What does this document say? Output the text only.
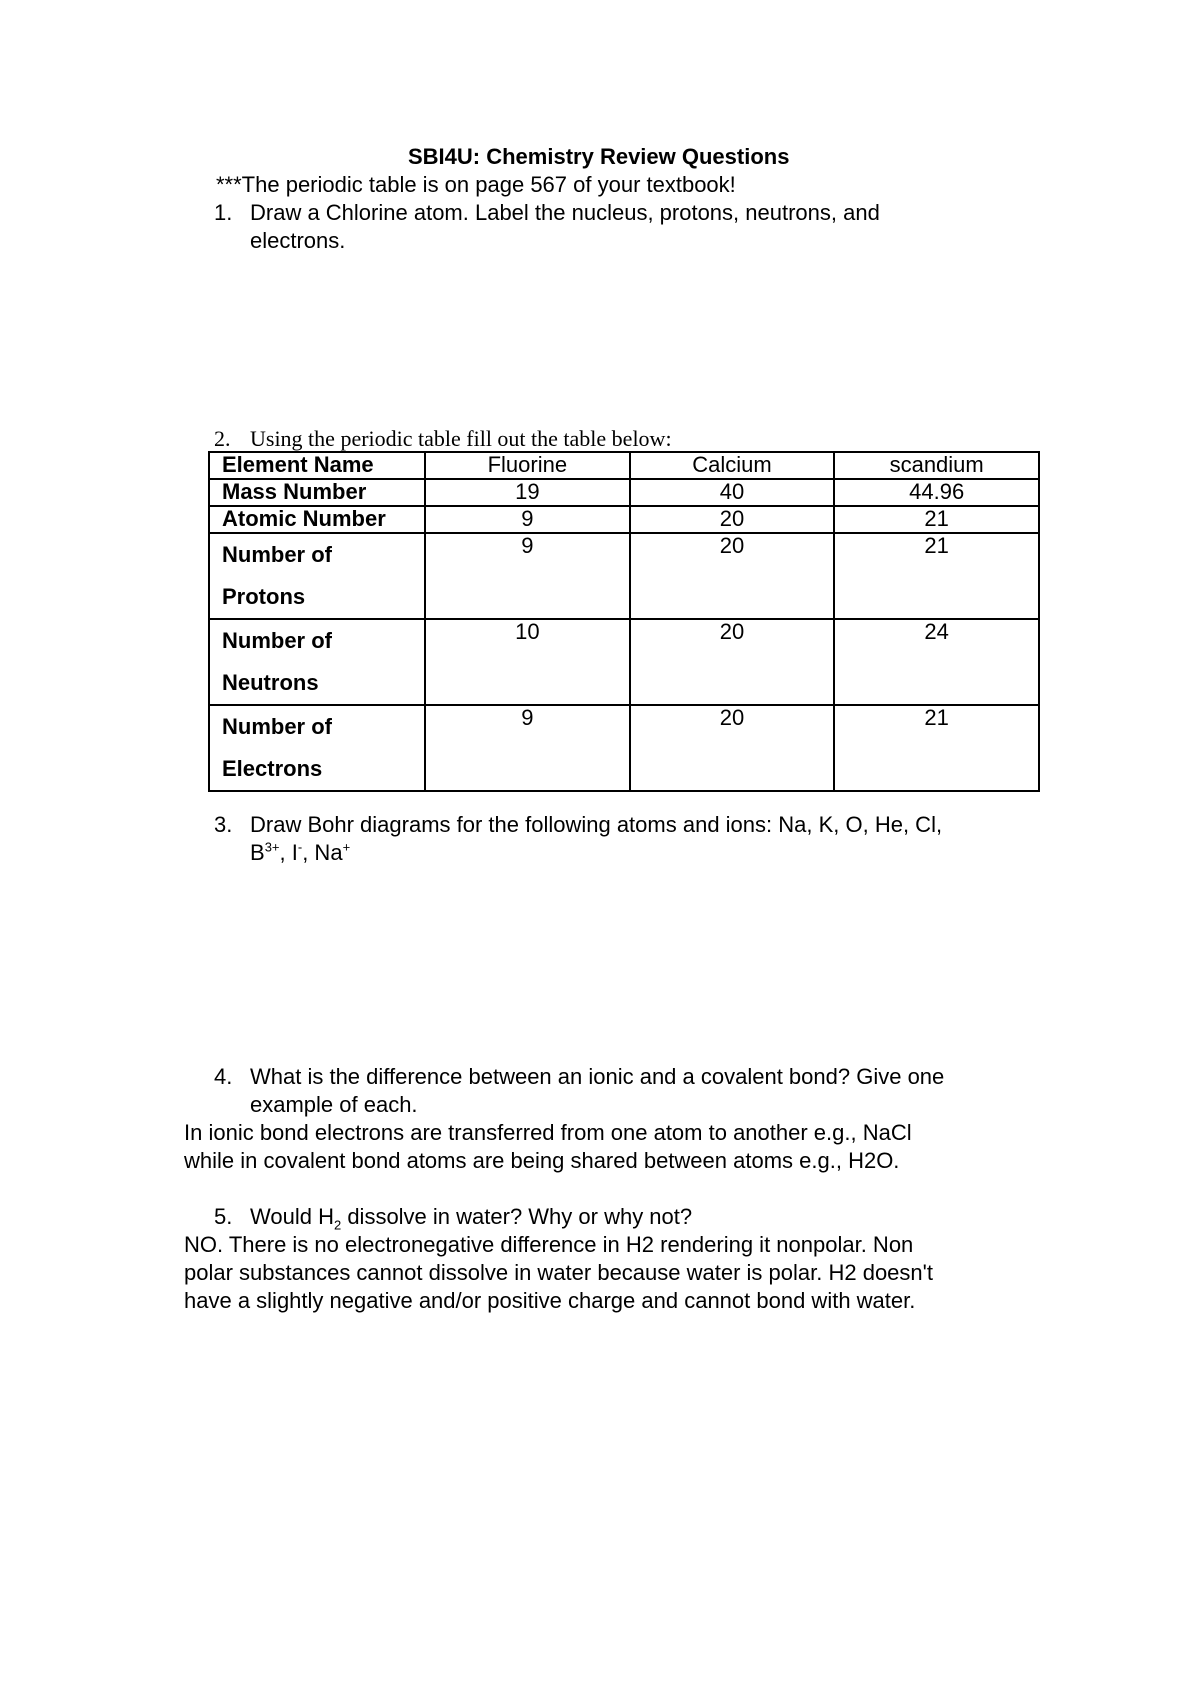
SBI4U: Chemistry Review Questions
***The periodic table is on page 567 of your textbook!
1. Draw a Chlorine atom. Label the nucleus, protons, neutrons, and
electrons.
2. Using the periodic table fill out the table below:
Element Name	Fluorine	Calcium	scandium
Mass Number	19	40	44.96
Atomic Number	9	20	21
Number of
Protons	9	20	21
Number of
Neutrons	10	20	24
Number of
Electrons	9	20	21
3. Draw Bohr diagrams for the following atoms and ions: Na, K, O, He, Cl,
$B^{3+}$, I-, Na+
4. What is the difference between an ionic and a covalent bond? Give one
example of each.
In ionic bond electrons are transferred from one atom to another e.g., NaCl
while in covalent bond atoms are being shared between atoms e.g., H2O.
5. Would $H_2$ dissolve in water? Why or why not?
NO. There is no electronegative difference in H2 rendering it nonpolar. Non
polar substances cannot dissolve in water because water is polar. H2 doesn't
have a slightly negative and/or positive charge and cannot bond with water.
